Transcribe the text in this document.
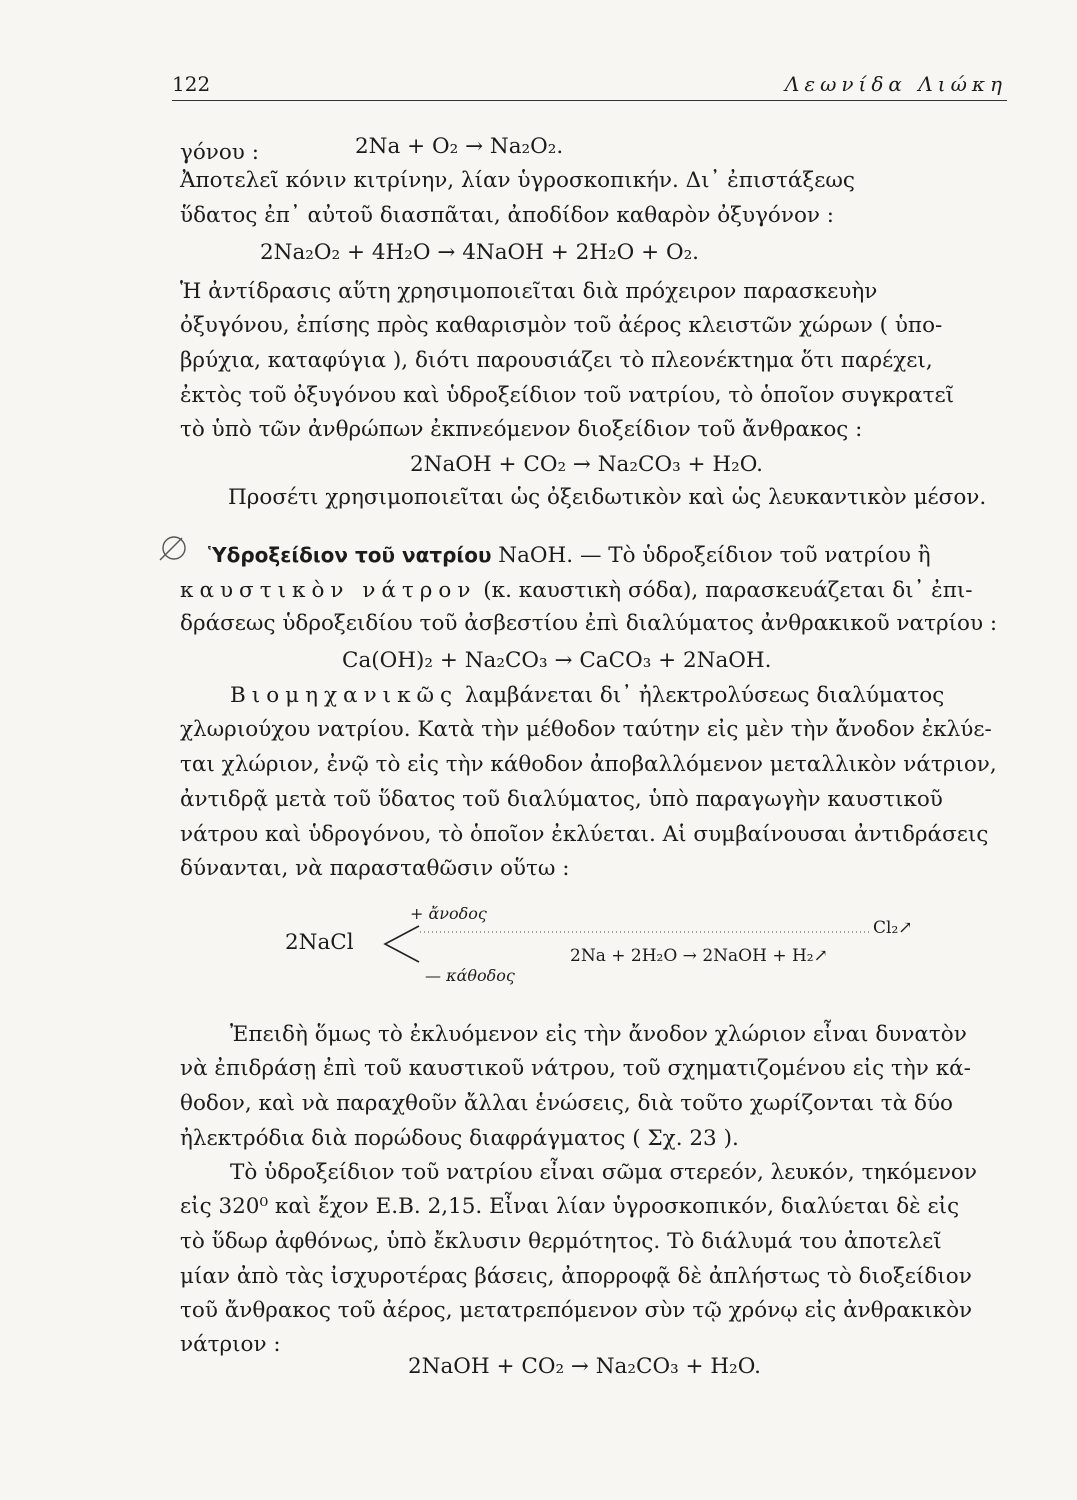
122	Λεωνίδα Λιώκη
γόνου :	2Na + O₂ → Na₂O₂.
Ἀποτελεῖ κόνιν κιτρίνην, λίαν ὑγροσκοπικήν. Δι᾽ ἐπιστάξεως
ὕδατος ἐπ᾽ αὐτοῦ διασπᾶται, ἀποδίδον καθαρὸν ὀξυγόνον :
2Na₂O₂ + 4H₂O → 4NaOH + 2H₂O + O₂.
Ἡ ἀντίδρασις αὕτη χρησιμοποιεῖται διὰ πρόχειρον παρασκευὴν
ὀξυγόνου, ἐπίσης πρὸς καθαρισμὸν τοῦ ἀέρος κλειστῶν χώρων ( ὑπο-
βρύχια, καταφύγια ), διότι παρουσιάζει τὸ πλεονέκτημα ὅτι παρέχει,
ἐκτὸς τοῦ ὀξυγόνου καὶ ὑδροξείδιον τοῦ νατρίου, τὸ ὁποῖον συγκρατεῖ
τὸ ὑπὸ τῶν ἀνθρώπων ἐκπνεόμενον διοξείδιον τοῦ ἄνθρακος :
2NaOH + CO₂ → Na₂CO₃ + H₂O.
Προσέτι χρησιμοποιεῖται ὡς ὀξειδωτικὸν καὶ ὡς λευκαντικὸν μέσον.
Ὑδροξείδιον τοῦ νατρίου NaOH. — Τὸ ὑδροξείδιον τοῦ νατρίου ἢ
καυστικὸν νάτρον (κ. καυστικὴ σόδα), παρασκευάζεται δι᾽ ἐπι-
δράσεως ὑδροξειδίου τοῦ ἀσβεστίου ἐπὶ διαλύματος ἀνθρακικοῦ νατρίου :
Ca(OH)₂ + Na₂CO₃ → CaCO₃ + 2NaOH.
Βιομηχανικῶς λαμβάνεται δι᾽ ἠλεκτρολύσεως διαλύματος
χλωριούχου νατρίου. Κατὰ τὴν μέθοδον ταύτην εἰς μὲν τὴν ἄνοδον ἐκλύε-
ται χλώριον, ἐνῷ τὸ εἰς τὴν κάθοδον ἀποβαλλόμενον μεταλλικὸν νάτριον,
ἀντιδρᾷ μετὰ τοῦ ὕδατος τοῦ διαλύματος, ὑπὸ παραγωγὴν καυστικοῦ
νάτρου καὶ ὑδρογόνου, τὸ ὁποῖον ἐκλύεται. Αἱ συμβαίνουσαι ἀντιδράσεις
δύνανται, νὰ παρασταθῶσιν οὕτω :
2NaCl
+ ἄνοδος
Cl₂↗
2Na + 2H₂O → 2NaOH + H₂↗
— κάθοδος
Ἐπειδὴ ὅμως τὸ ἐκλυόμενον εἰς τὴν ἄνοδον χλώριον εἶναι δυνατὸν
νὰ ἐπιδράσῃ ἐπὶ τοῦ καυστικοῦ νάτρου, τοῦ σχηματιζομένου εἰς τὴν κά-
θοδον, καὶ νὰ παραχθοῦν ἄλλαι ἑνώσεις, διὰ τοῦτο χωρίζονται τὰ δύο
ἠλεκτρόδια διὰ πορώδους διαφράγματος ( Σχ. 23 ).
Τὸ ὑδροξείδιον τοῦ νατρίου εἶναι σῶμα στερεόν, λευκόν, τηκόμενον
εἰς 320⁰ καὶ ἔχον Ε.Β. 2,15. Εἶναι λίαν ὑγροσκοπικόν, διαλύεται δὲ εἰς
τὸ ὕδωρ ἀφθόνως, ὑπὸ ἔκλυσιν θερμότητος. Τὸ διάλυμά του ἀποτελεῖ
μίαν ἀπὸ τὰς ἰσχυροτέρας βάσεις, ἀπορροφᾷ δὲ ἀπλήστως τὸ διοξείδιον
τοῦ ἄνθρακος τοῦ ἀέρος, μετατρεπόμενον σὺν τῷ χρόνῳ εἰς ἀνθρακικὸν
νάτριον :
2NaOH + CO₂ → Na₂CO₃ + H₂O.
